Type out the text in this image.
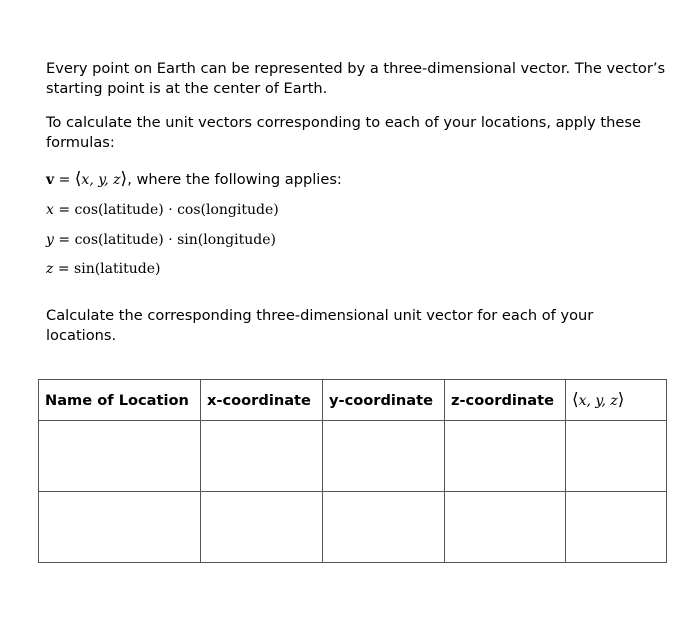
Every point on Earth can be represented by a three-dimensional vector. The vector’s starting point is at the center of Earth.
To calculate the unit vectors corresponding to each of your locations, apply these formulas:
v = ⟨x, y, z⟩, where the following applies:
x = cos(latitude) · cos(longitude)
y = cos(latitude) · sin(longitude)
z = sin(latitude)
Calculate the corresponding three-dimensional unit vector for each of your locations.
Name of Location	x-coordinate	y-coordinate	z-coordinate	⟨x, y, z⟩
